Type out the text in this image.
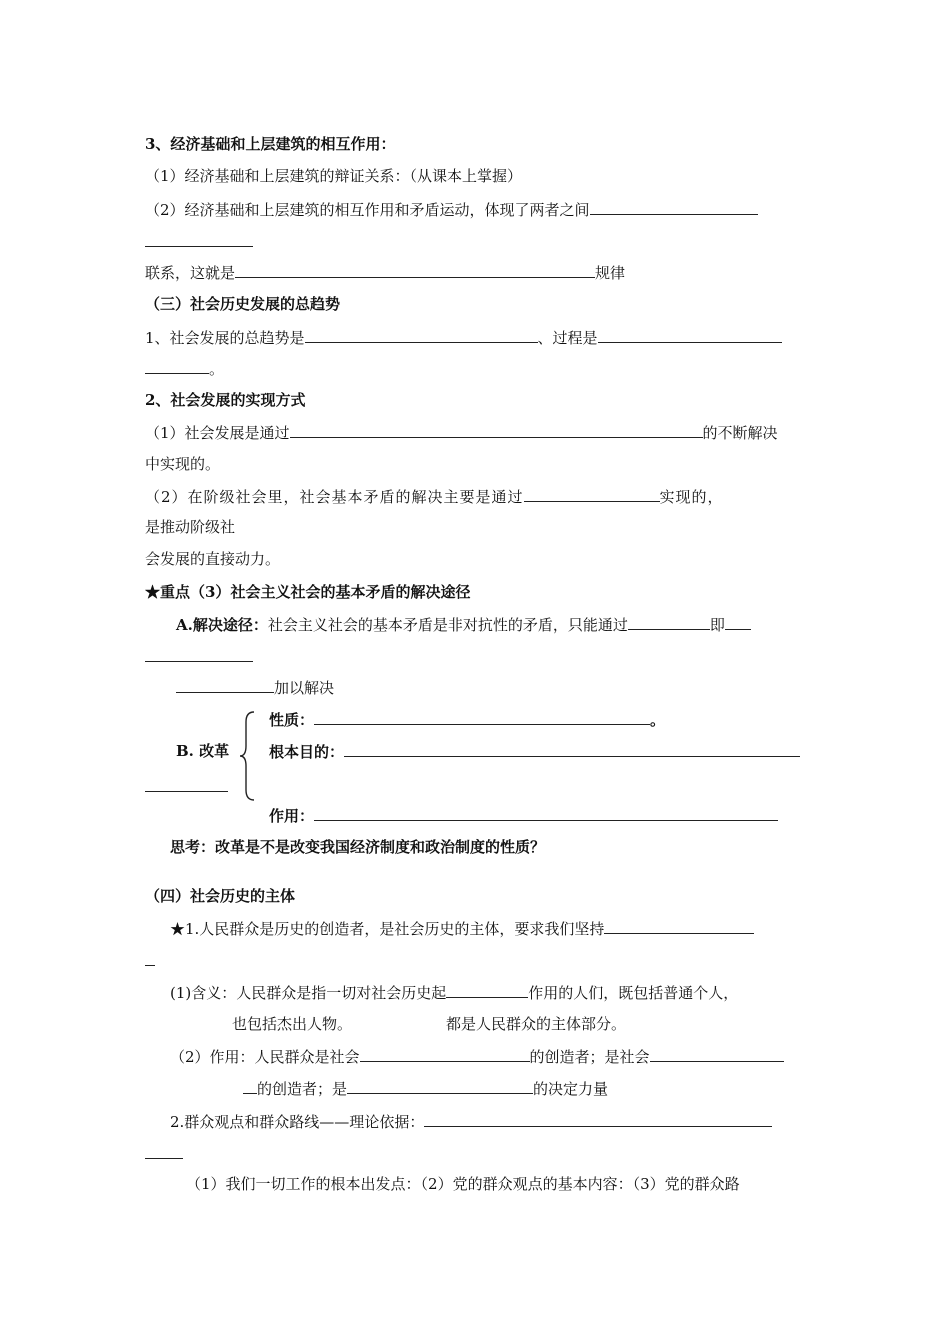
3、经济基础和上层建筑的相互作用：
（1）经济基础和上层建筑的辩证关系：（从课本上掌握）
（2）经济基础和上层建筑的相互作用和矛盾运动，体现了两者之间
联系，这就是	规律
（三）社会历史发展的总趋势
1、社会发展的总趋势是	、过程是
。
2、社会发展的实现方式
（1）社会发展是通过	的不断解决
中实现的。
（2）在阶级社会里，社会基本矛盾的解决主要是通过	实现的，
是推动阶级社
会发展的直接动力。
★重点（3）社会主义社会的基本矛盾的解决途径
A.解决途径：社会主义社会的基本矛盾是非对抗性的矛盾，只能通过	即
加以解决
性质：	。
B. 改革	根本目的：
作用：
思考：改革是不是改变我国经济制度和政治制度的性质？
（四）社会历史的主体
★1.人民群众是历史的创造者，是社会历史的主体，要求我们坚持
(1)含义：人民群众是指一切对社会历史起	作用的人们，既包括普通个人，
也包括杰出人物。	都是人民群众的主体部分。
（2）作用：人民群众是社会	的创造者；是社会
的创造者；是	的决定力量
2.群众观点和群众路线——理论依据：
（1）我们一切工作的根本出发点：（2）党的群众观点的基本内容：（3）党的群众路
